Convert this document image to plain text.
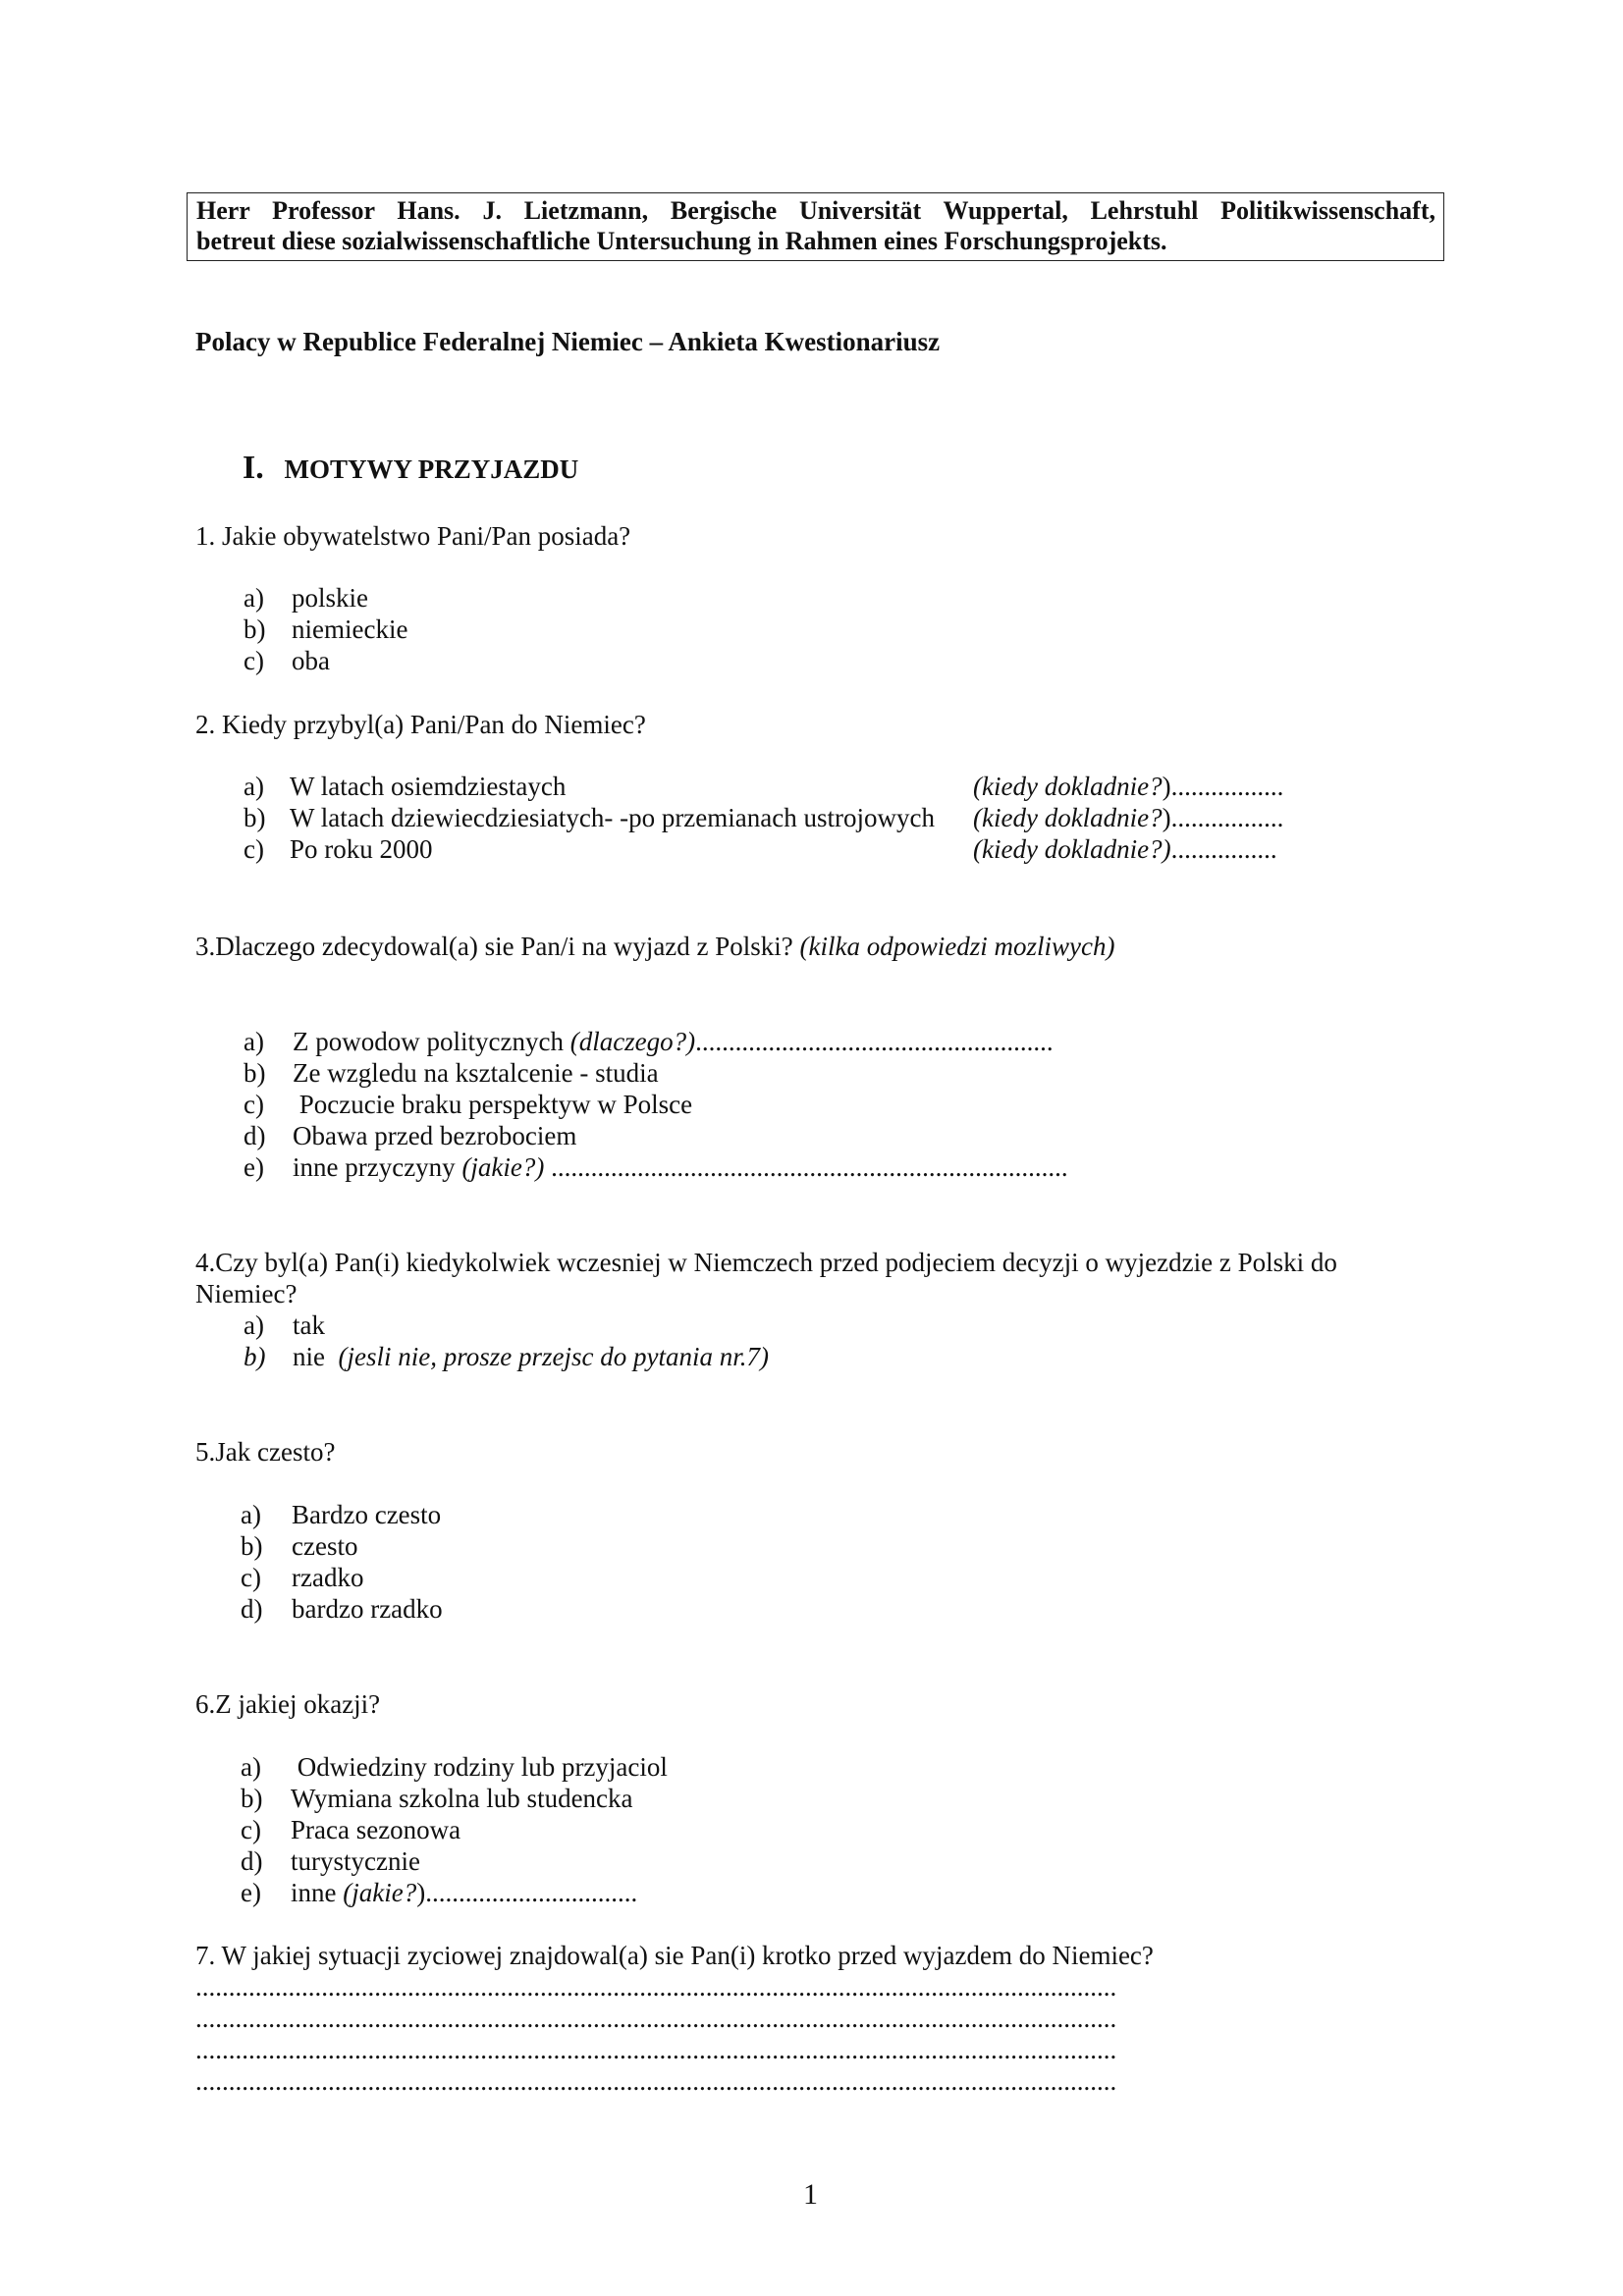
Herr Professor Hans. J. Lietzmann, Bergische Universität Wuppertal, Lehrstuhl Politikwissenschaft,
betreut diese sozialwissenschaftliche Untersuchung in Rahmen eines Forschungsprojekts.
Polacy w Republice Federalnej Niemiec – Ankieta Kwestionariusz
I. MOTYWY PRZYJAZDU
1. Jakie obywatelstwo Pani/Pan posiada?
a) polskie
b) niemieckie
c) oba
2. Kiedy przybyl(a) Pani/Pan do Niemiec?
a) W latach osiemdziestaych	(kiedy dokladnie?).................
b) W latach dziewiecdziesiatych- -po przemianach ustrojowych (kiedy dokladnie?).................
c) Po roku 2000	(kiedy dokladnie?)................
3.Dlaczego zdecydowal(a) sie Pan/i na wyjazd z Polski? (kilka odpowiedzi mozliwych)
a) Z powodow politycznych (dlaczego?)......................................................
b) Ze wzgledu na ksztalcenie - studia
c) Poczucie braku perspektyw w Polsce
d) Obawa przed bezrobociem
e) inne przyczyny (jakie?) ..............................................................................
4.Czy byl(a) Pan(i) kiedykolwiek wczesniej w Niemczech przed podjeciem decyzji o wyjezdzie z Polski do
Niemiec?
a) tak
b) nie  (jesli nie, prosze przejsc do pytania nr.7)
5.Jak czesto?
a) Bardzo czesto
b) czesto
c) rzadko
d) bardzo rzadko
6.Z jakiej okazji?
a) Odwiedziny rodziny lub przyjaciol
b) Wymiana szkolna lub studencka
c) Praca sezonowa
d) turystycznie
e) inne (jakie?)................................
7. W jakiej sytuacji zyciowej znajdowal(a) sie Pan(i) krotko przed wyjazdem do Niemiec?
...........................................................................................................................................
...........................................................................................................................................
...........................................................................................................................................
...........................................................................................................................................
1
